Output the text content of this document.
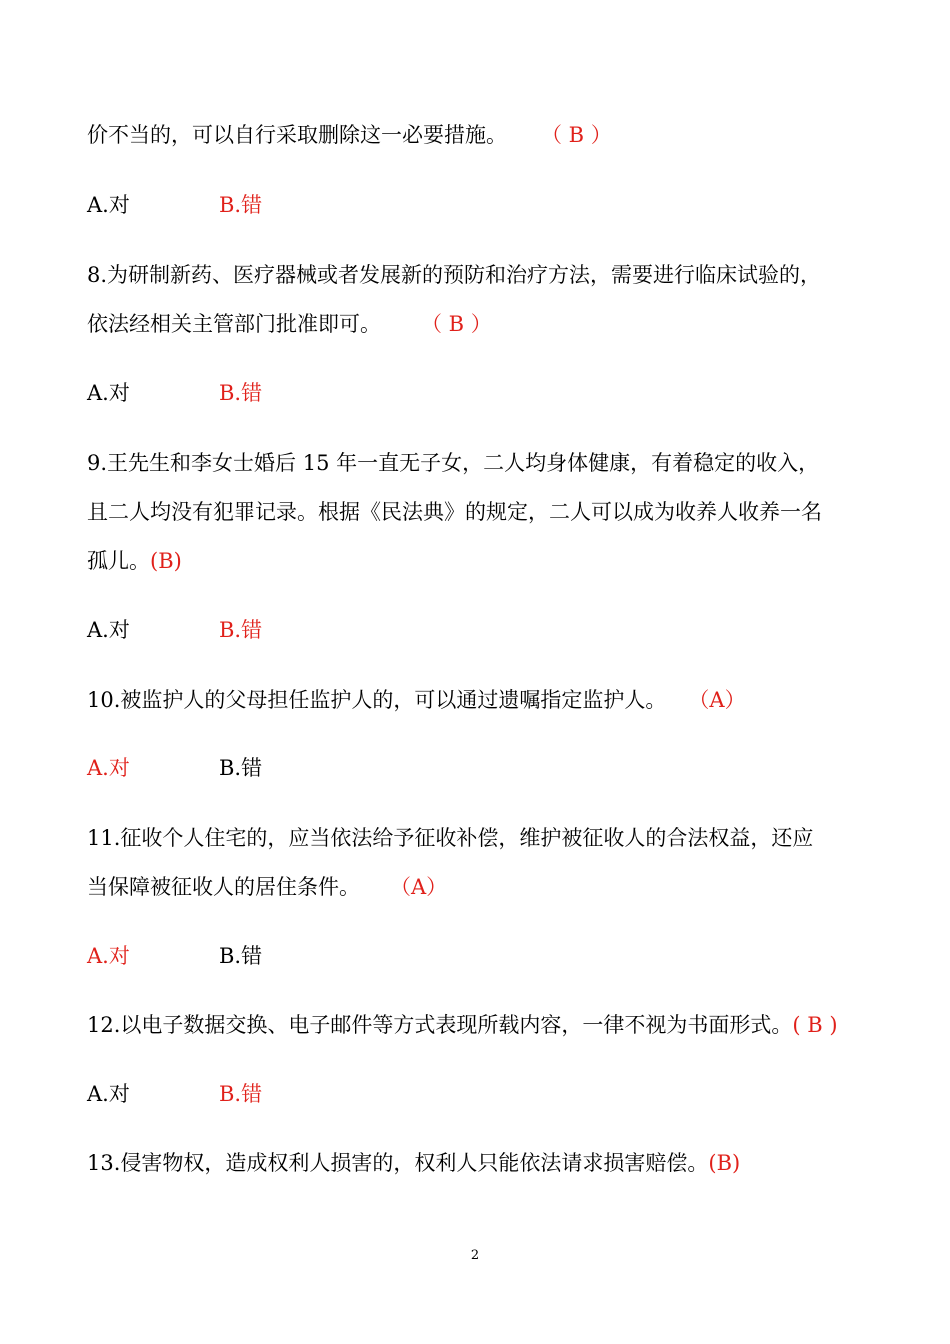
价不当的，可以自行采取删除这一必要措施。 （ B ）
A.对	B.错
8.为研制新药、医疗器械或者发展新的预防和治疗方法，需要进行临床试验的，
依法经相关主管部门批准即可。 （ B ）
A.对	B.错
9.王先生和李女士婚后 15 年一直无子女，二人均身体健康，有着稳定的收入，
且二人均没有犯罪记录。根据《民法典》的规定，二人可以成为收养人收养一名
孤儿。(B)
A.对	B.错
10.被监护人的父母担任监护人的，可以通过遗嘱指定监护人。 （A）
A.对	B.错
11.征收个人住宅的，应当依法给予征收补偿，维护被征收人的合法权益，还应
当保障被征收人的居住条件。 （A）
A.对	B.错
12.以电子数据交换、电子邮件等方式表现所载内容，一律不视为书面形式。( B )
A.对	B.错
13.侵害物权，造成权利人损害的，权利人只能依法请求损害赔偿。(B)
2
